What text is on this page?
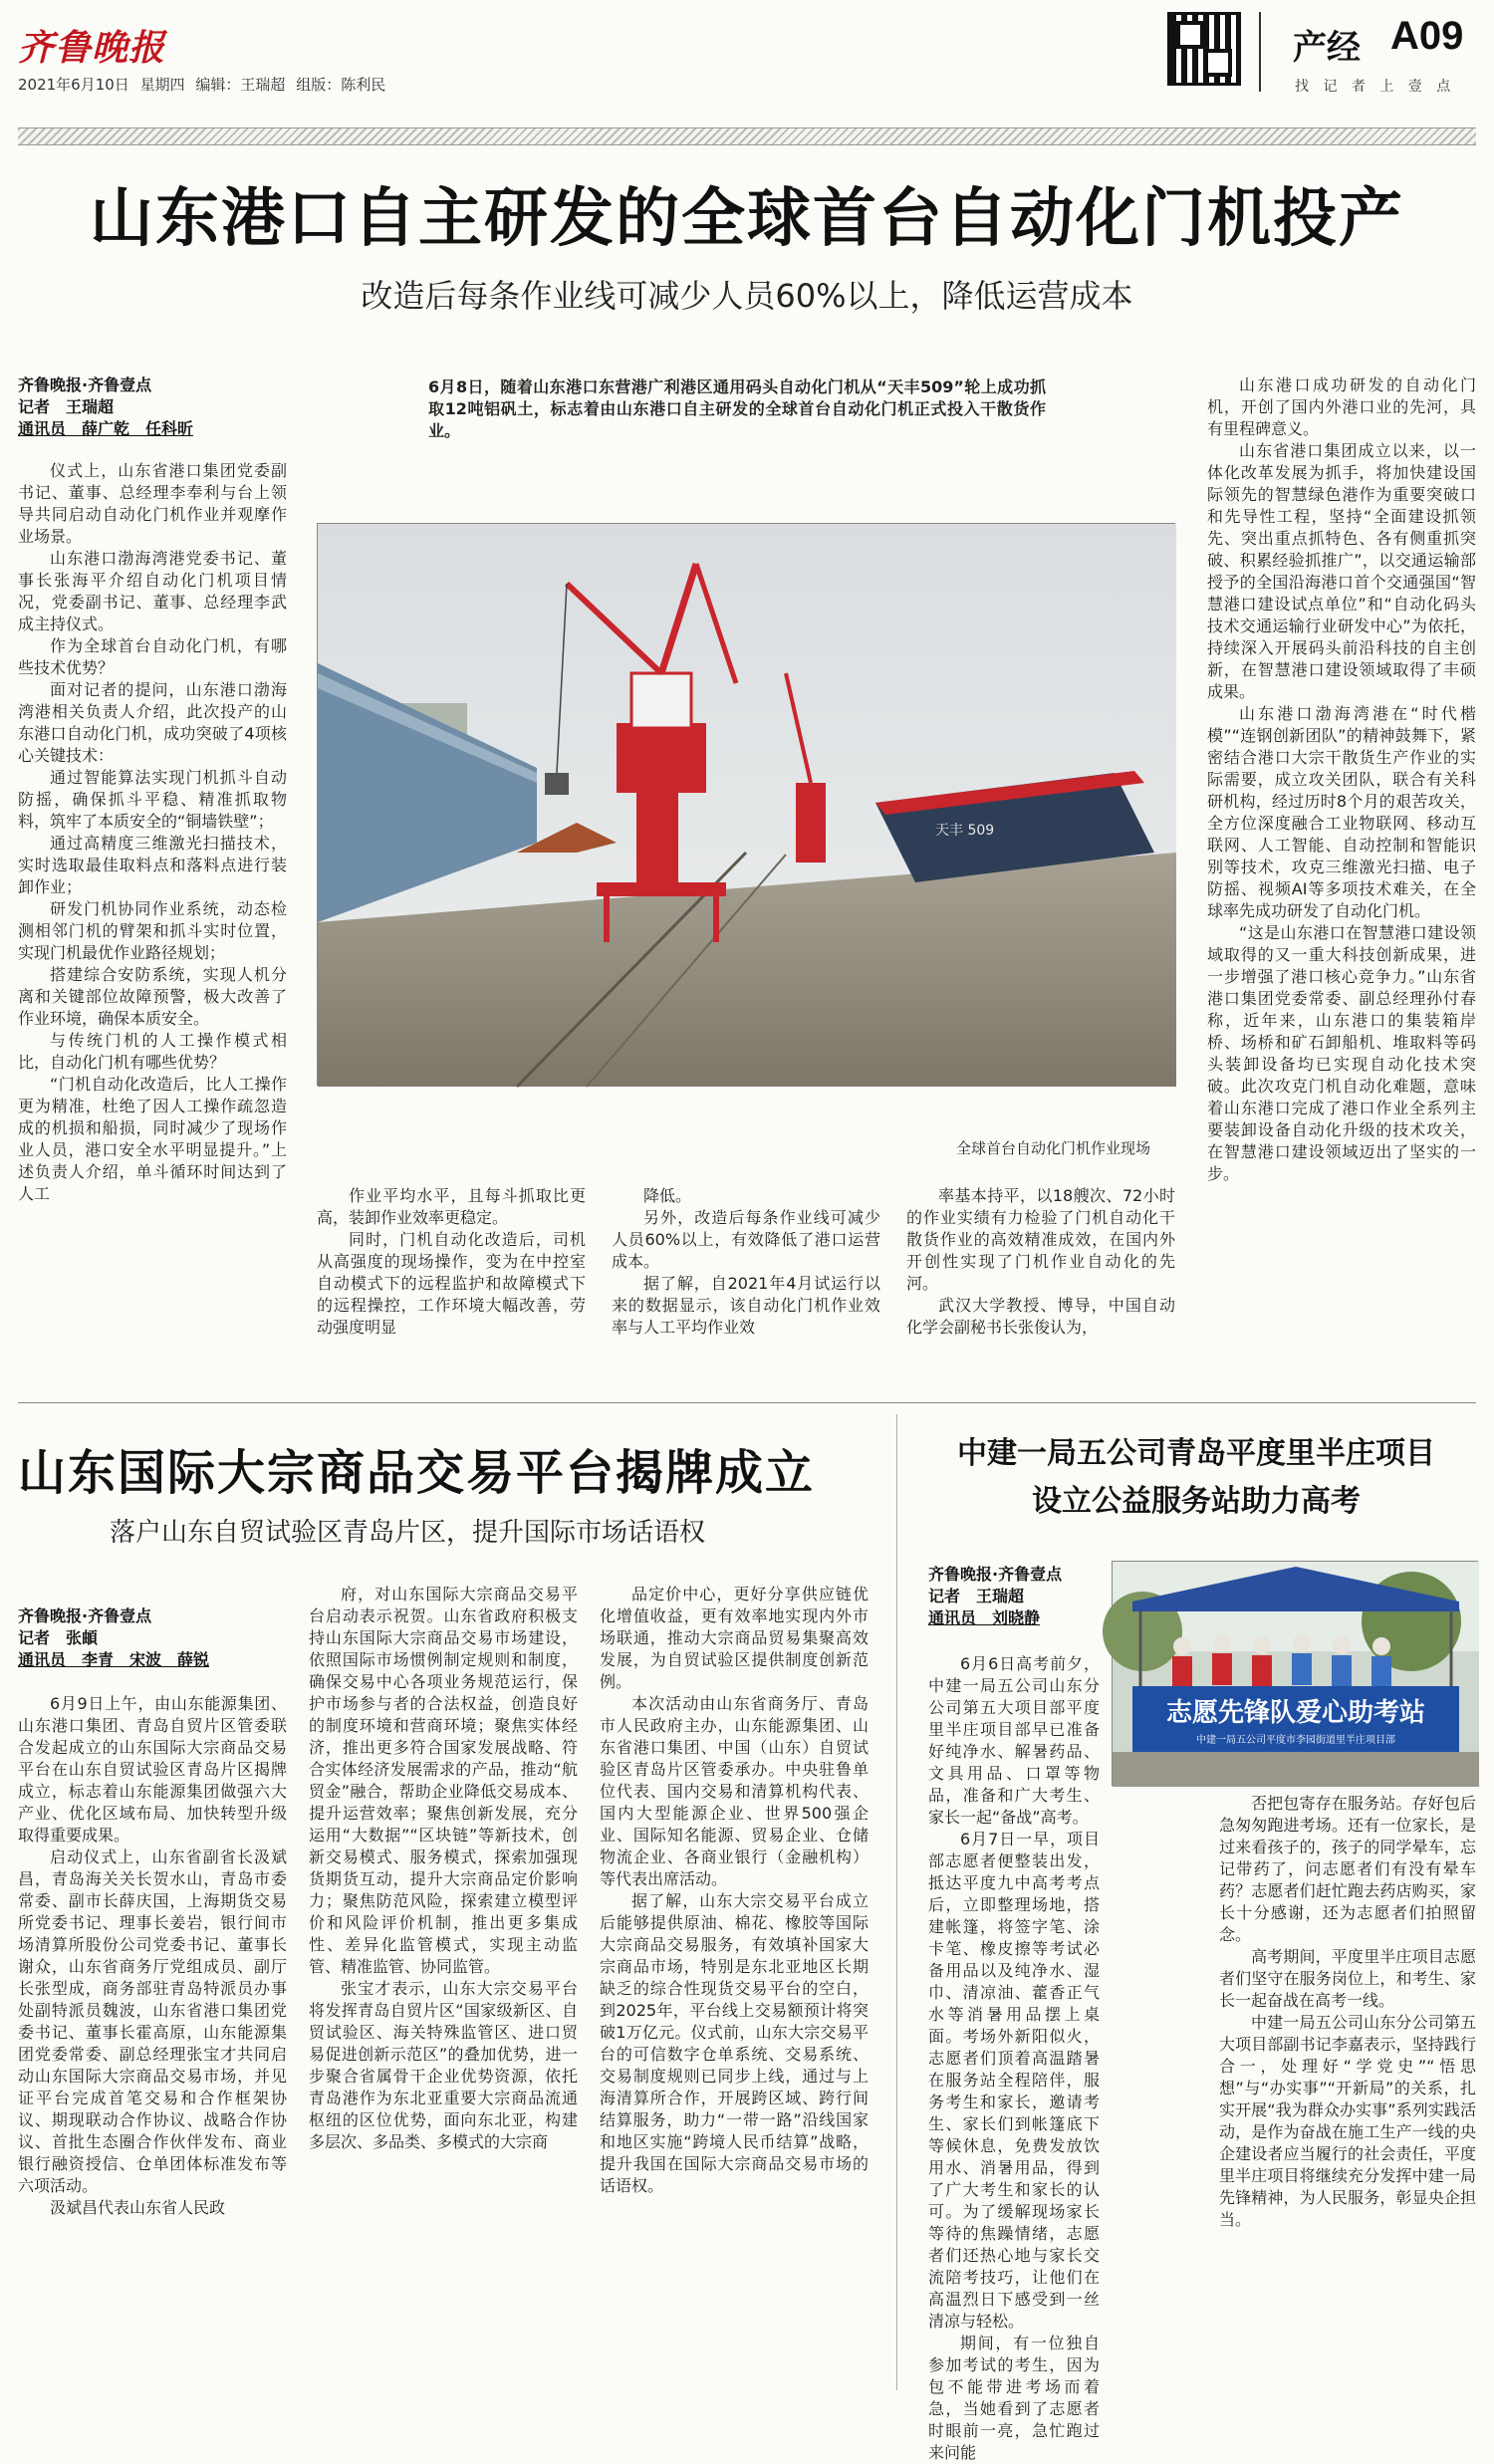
齐鲁晚报
2021年6月10日 星期四 编辑：王瑞超 组版：陈利民
产经 A09
找 记 者 上 壹 点
山东港口自主研发的全球首台自动化门机投产
改造后每条作业线可减少人员60%以上，降低运营成本
齐鲁晚报·齐鲁壹点
记者　王瑞超
通讯员　薛广乾　任科昕

仪式上，山东省港口集团党委副书记、董事、总经理李奉利与台上领导共同启动自动化门机作业并观摩作业场景。

山东港口渤海湾港党委书记、董事长张海平介绍自动化门机项目情况，党委副书记、董事、总经理李武成主持仪式。

作为全球首台自动化门机，有哪些技术优势？

面对记者的提问，山东港口渤海湾港相关负责人介绍，此次投产的山东港口自动化门机，成功突破了4项核心关键技术：

通过智能算法实现门机抓斗自动防摇，确保抓斗平稳、精准抓取物料，筑牢了本质安全的“铜墙铁壁”；

通过高精度三维激光扫描技术，实时选取最佳取料点和落料点进行装卸作业；

研发门机协同作业系统，动态检测相邻门机的臂架和抓斗实时位置，实现门机最优作业路径规划；

搭建综合安防系统，实现人机分离和关键部位故障预警，极大改善了作业环境，确保本质安全。

与传统门机的人工操作模式相比，自动化门机有哪些优势？

“门机自动化改造后，比人工操作更为精准，杜绝了因人工操作疏忽造成的机损和船损，同时减少了现场作业人员，港口安全水平明显提升。”上述负责人介绍，单斗循环时间达到了人工

6月8日，随着山东港口东营港广利港区通用码头自动化门机从“天丰509”轮上成功抓取12吨铝矾土，标志着由山东港口自主研发的全球首台自动化门机正式投入干散货作业。
天丰 509
全球首台自动化门机作业现场

作业平均水平，且每斗抓取比更高，装卸作业效率更稳定。

同时，门机自动化改造后，司机从高强度的现场操作，变为在中控室自动模式下的远程监护和故障模式下的远程操控，工作环境大幅改善，劳动强度明显

降低。

另外，改造后每条作业线可减少人员60%以上，有效降低了港口运营成本。

据了解，自2021年4月试运行以来的数据显示，该自动化门机作业效率与人工平均作业效

率基本持平，以18艘次、72小时的作业实绩有力检验了门机自动化干散货作业的高效精准成效，在国内外开创性实现了门机作业自动化的先河。

武汉大学教授、博导，中国自动化学会副秘书长张俊认为，

山东港口成功研发的自动化门机，开创了国内外港口业的先河，具有里程碑意义。

山东省港口集团成立以来，以一体化改革发展为抓手，将加快建设国际领先的智慧绿色港作为重要突破口和先导性工程，坚持“全面建设抓领先、突出重点抓特色、各有侧重抓突破、积累经验抓推广”，以交通运输部授予的全国沿海港口首个交通强国“智慧港口建设试点单位”和“自动化码头技术交通运输行业研发中心”为依托，持续深入开展码头前沿科技的自主创新，在智慧港口建设领域取得了丰硕成果。

山东港口渤海湾港在“时代楷模”“连钢创新团队”的精神鼓舞下，紧密结合港口大宗干散货生产作业的实际需要，成立攻关团队，联合有关科研机构，经过历时8个月的艰苦攻关，全方位深度融合工业物联网、移动互联网、人工智能、自动控制和智能识别等技术，攻克三维激光扫描、电子防摇、视频AI等多项技术难关，在全球率先成功研发了自动化门机。

“这是山东港口在智慧港口建设领域取得的又一重大科技创新成果，进一步增强了港口核心竞争力。”山东省港口集团党委常委、副总经理孙付春称，近年来，山东港口的集装箱岸桥、场桥和矿石卸船机、堆取料等码头装卸设备均已实现自动化技术突破。此次攻克门机自动化难题，意味着山东港口完成了港口作业全系列主要装卸设备自动化升级的技术攻关，在智慧港口建设领域迈出了坚实的一步。

山东国际大宗商品交易平台揭牌成立
落户山东自贸试验区青岛片区，提升国际市场话语权
齐鲁晚报·齐鲁壹点
记者　张頔
通讯员　李青　宋波　薛锐

6月9日上午，由山东能源集团、山东港口集团、青岛自贸片区管委联合发起成立的山东国际大宗商品交易平台在山东自贸试验区青岛片区揭牌成立，标志着山东能源集团做强六大产业、优化区域布局、加快转型升级取得重要成果。

启动仪式上，山东省副省长汲斌昌，青岛海关关长贺水山，青岛市委常委、副市长薛庆国，上海期货交易所党委书记、理事长姜岩，银行间市场清算所股份公司党委书记、董事长谢众，山东省商务厅党组成员、副厅长张型成，商务部驻青岛特派员办事处副特派员魏波，山东省港口集团党委书记、董事长霍高原，山东能源集团党委常委、副总经理张宝才共同启动山东国际大宗商品交易市场，并见证平台完成首笔交易和合作框架协议、期现联动合作协议、战略合作协议、首批生态圈合作伙伴发布、商业银行融资授信、仓单团体标准发布等六项活动。

汲斌昌代表山东省人民政

府，对山东国际大宗商品交易平台启动表示祝贺。山东省政府积极支持山东国际大宗商品交易市场建设，依照国际市场惯例制定规则和制度，确保交易中心各项业务规范运行，保护市场参与者的合法权益，创造良好的制度环境和营商环境；聚焦实体经济，推出更多符合国家发展战略、符合实体经济发展需求的产品，推动“航贸金”融合，帮助企业降低交易成本、提升运营效率；聚焦创新发展，充分运用“大数据”“区块链”等新技术，创新交易模式、服务模式，探索加强现货期货互动，提升大宗商品定价影响力；聚焦防范风险，探索建立模型评价和风险评价机制，推出更多集成性、差异化监管模式，实现主动监管、精准监管、协同监管。

张宝才表示，山东大宗交易平台将发挥青岛自贸片区“国家级新区、自贸试验区、海关特殊监管区、进口贸易促进创新示范区”的叠加优势，进一步聚合省属骨干企业优势资源，依托青岛港作为东北亚重要大宗商品流通枢纽的区位优势，面向东北亚，构建多层次、多品类、多模式的大宗商

品定价中心，更好分享供应链优化增值收益，更有效率地实现内外市场联通，推动大宗商品贸易集聚高效发展，为自贸试验区提供制度创新范例。

本次活动由山东省商务厅、青岛市人民政府主办，山东能源集团、山东省港口集团、中国（山东）自贸试验区青岛片区管委承办。中央驻鲁单位代表、国内交易和清算机构代表、国内大型能源企业、世界500强企业、国际知名能源、贸易企业、仓储物流企业、各商业银行（金融机构）等代表出席活动。

据了解，山东大宗交易平台成立后能够提供原油、棉花、橡胶等国际大宗商品交易服务，有效填补国家大宗商品市场，特别是东北亚地区长期缺乏的综合性现货交易平台的空白，到2025年，平台线上交易额预计将突破1万亿元。仪式前，山东大宗交易平台的可信数字仓单系统、交易系统、交易制度规则已同步上线，通过与上海清算所合作，开展跨区域、跨行间结算服务，助力“一带一路”沿线国家和地区实施“跨境人民币结算”战略，提升我国在国际大宗商品交易市场的话语权。

中建一局五公司青岛平度里半庄项目
设立公益服务站助力高考
齐鲁晚报·齐鲁壹点
记者　王瑞超
通讯员　刘晓静
志愿先锋队爱心助考站
中建一局五公司平度市李园街道里半庄项目部

6月6日高考前夕，中建一局五公司山东分公司第五大项目部平度里半庄项目部早已准备好纯净水、解暑药品、文具用品、口罩等物品，准备和广大考生、家长一起“备战”高考。

6月7日一早，项目部志愿者便整装出发，抵达平度九中高考考点后，立即整理场地，搭建帐篷，将签字笔、涂卡笔、橡皮擦等考试必备用品以及纯净水、湿巾、清凉油、藿香正气水等消暑用品摆上桌面。考场外新阳似火，志愿者们顶着高温踏暑在服务站全程陪伴，服务考生和家长，邀请考生、家长们到帐篷底下等候休息，免费发放饮用水、消暑用品，得到了广大考生和家长的认可。为了缓解现场家长等待的焦躁情绪，志愿者们还热心地与家长交流陪考技巧，让他们在高温烈日下感受到一丝清凉与轻松。

期间，有一位独自参加考试的考生，因为包不能带进考场而着急，当她看到了志愿者时眼前一亮，急忙跑过来问能

否把包寄存在服务站。存好包后急匆匆跑进考场。还有一位家长，是过来看孩子的，孩子的同学晕车，忘记带药了，问志愿者们有没有晕车药？志愿者们赶忙跑去药店购买，家长十分感谢，还为志愿者们拍照留念。

高考期间，平度里半庄项目志愿者们坚守在服务岗位上，和考生、家长一起奋战在高考一线。

中建一局五公司山东分公司第五大项目部副书记李嘉表示，坚持践行合一，处理好“学党史”“悟思想”与“办实事”“开新局”的关系，扎实开展“我为群众办实事”系列实践活动，是作为奋战在施工生产一线的央企建设者应当履行的社会责任，平度里半庄项目将继续充分发挥中建一局先锋精神，为人民服务，彰显央企担当。
